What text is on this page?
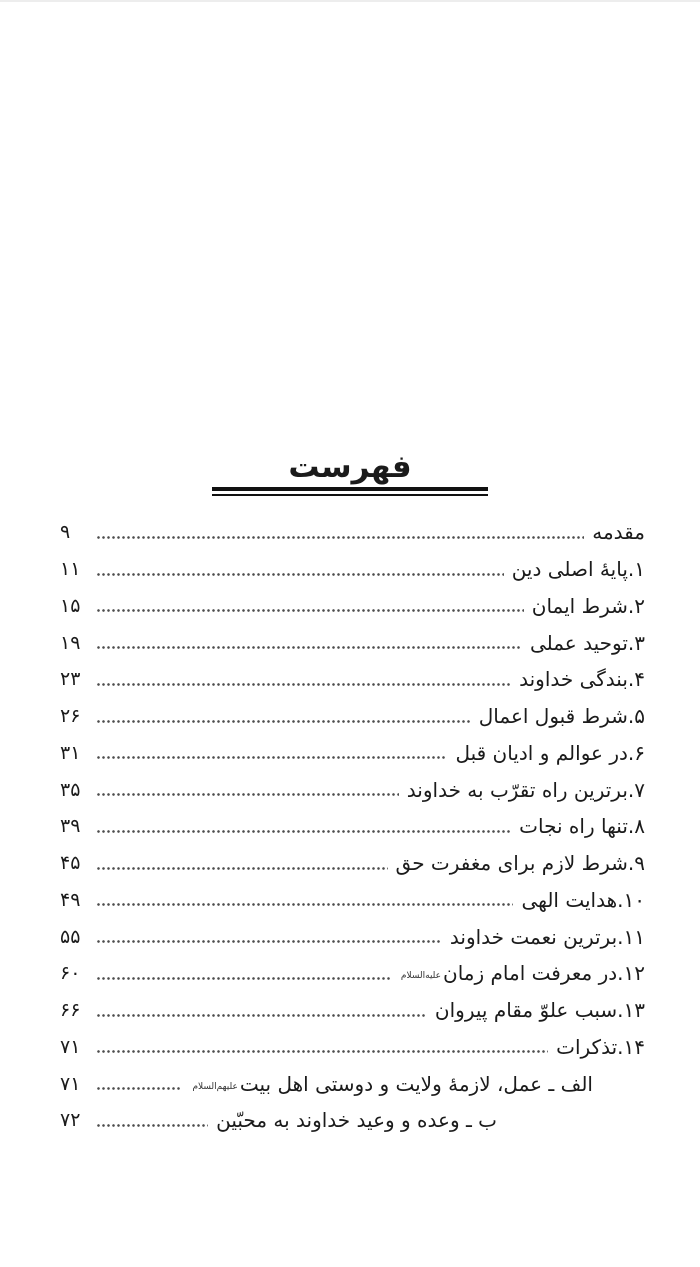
فهرست
مقدمه
۹
۱.پایهٔ اصلی دین
۱۱
۲.شرط ایمان
۱۵
۳.توحید عملی
۱۹
۴.بندگی خداوند
۲۳
۵.شرط قبول اعمال
۲۶
۶.در عوالم و ادیان قبل
۳۱
۷.برترین راه تقرّب به خداوند
۳۵
۸.تنها راه نجات
۳۹
۹.شرط لازم برای مغفرت حق
۴۵
۱۰.هدایت الهی
۴۹
۱۱.برترین نعمت خداوند
۵۵
۱۲.در معرفت امام زمان
علیه‌السلام
۶۰
۱۳.سبب علوّ مقام پیروان
۶۶
۱۴.تذکرات
۷۱
الف ـ عمل، لازمهٔ ولایت و دوستی اهل بیت
علیهم‌السلام
۷۱
ب ـ وعده و وعید خداوند به محبّین
۷۲
